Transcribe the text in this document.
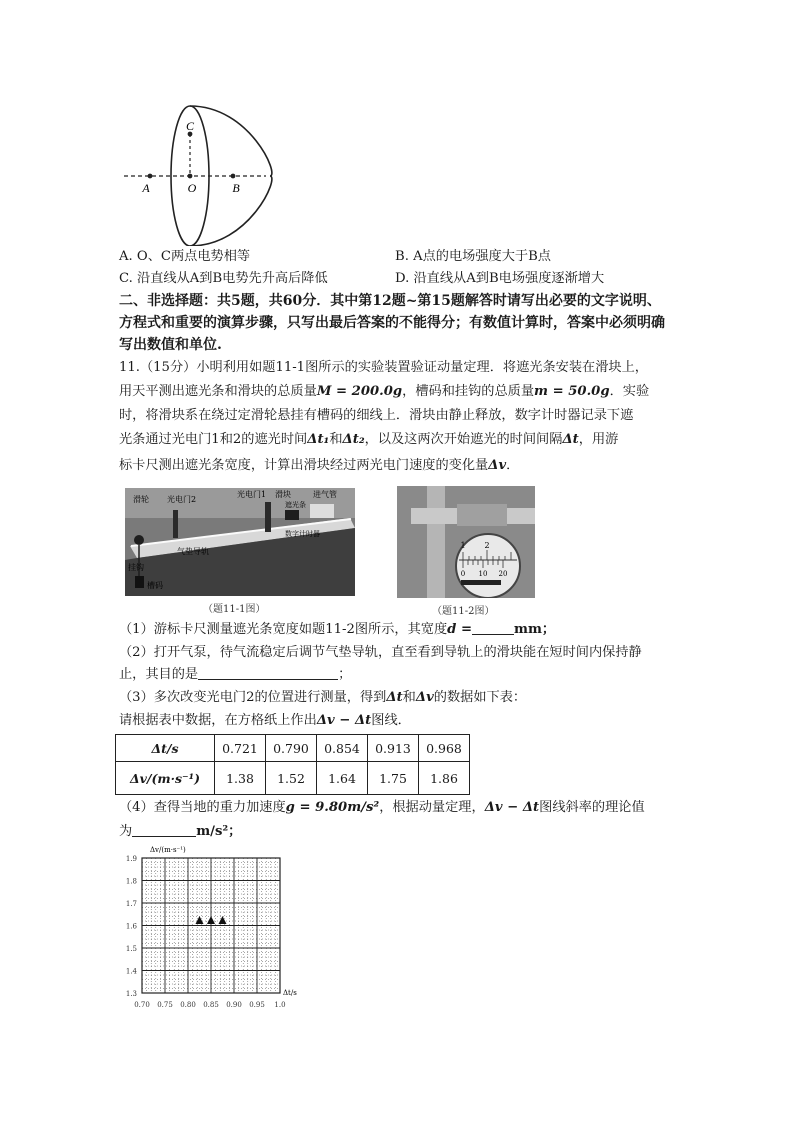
C
O
A	B
A. O、C两点电势相等	B. A点的电场强度大于B点
C. 沿直线从A到B电势先升高后降低	D. 沿直线从A到B电场强度逐渐增大
二、非选择题：共5题，共60分．其中第12题~第15题解答时请写出必要的文字说明、
方程式和重要的演算步骤，只写出最后答案的不能得分；有数值计算时，答案中必须明确
写出数值和单位.
11.（15分）小明利用如题11-1图所示的实验装置验证动量定理．将遮光条安装在滑块上，
用天平测出遮光条和滑块的总质量M = 200.0g，槽码和挂钩的总质量m = 50.0g．实验
时，将滑块系在绕过定滑轮悬挂有槽码的细线上．滑块由静止释放，数字计时器记录下遮
光条通过光电门1和2的遮光时间Δt₁和Δt₂，以及这两次开始遮光的时间间隔Δt，用游
标卡尺测出遮光条宽度，计算出滑块经过两光电门速度的变化量Δv．
滑轮 光电门2
光电门1 滑块
遮光条
进气管
气垫导轨
数字计时器
挂钩
槽码
（题11-1图）
1 2
0 10 20
（题11-2图）
（1）游标卡尺测量遮光条宽度如题11-2图所示，其宽度d =	mm；
（2）打开气泵，待气流稳定后调节气垫导轨，直至看到导轨上的滑块能在短时间内保持静
止，其目的是	；
（3）多次改变光电门2的位置进行测量，得到Δt和Δv的数据如下表：
请根据表中数据，在方格纸上作出Δv − Δt图线．
Δt/s	0.721	0.790	0.854	0.913	0.968
Δv/(m·s⁻¹)	1.38	1.52	1.64	1.75	1.86
（4）查得当地的重力加速度g = 9.80m/s²，根据动量定理，Δv − Δt图线斜率的理论值
为	m/s²；
0.70 0.75 0.80 0.85 0.90 0.95 1.0
1.3
1.4
1.5
1.6
1.7
1.8
1.9
Δv/(m·s⁻¹)
Δt/s
